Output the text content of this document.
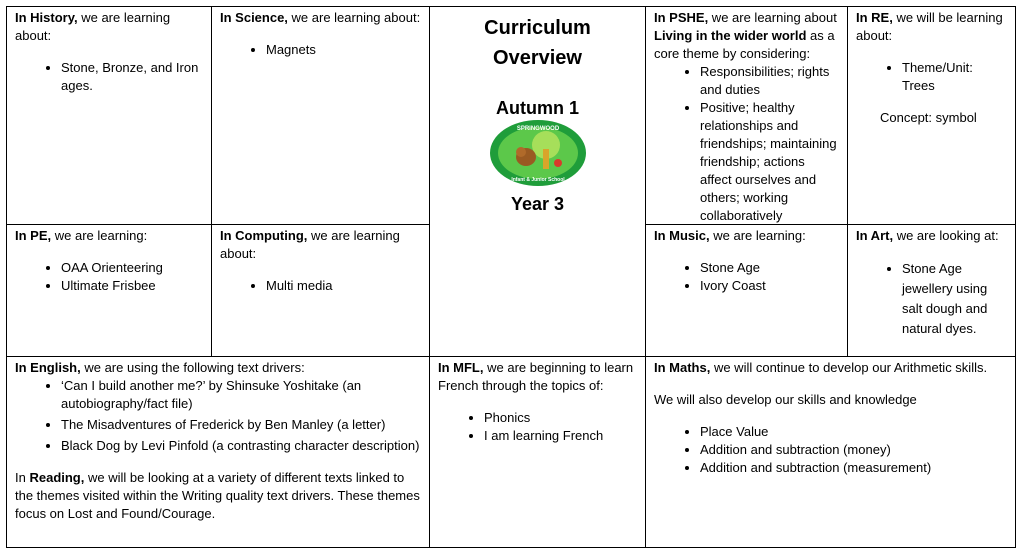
In History, we are learning about:

• Stone, Bronze, and Iron ages.

In Science, we are learning about:

• Magnets
Curriculum
Overview
Autumn 1
SPRINGWOOD
Infant & Junior School
Year 3

In PSHE, we are learning about Living in the wider world as a core theme by considering:

• Responsibilities; rights and duties
• Positive; healthy relationships and friendships; maintaining friendship; actions affect ourselves and others; working collaboratively

In RE, we will be learning about:

• Theme/Unit: Trees

Concept: symbol

In PE, we are learning:

• OAA Orienteering
• Ultimate Frisbee

In Computing, we are learning about:

• Multi media

In Music, we are learning:

• Stone Age
• Ivory Coast

In Art, we are looking at:

• Stone Age jewellery using salt dough and natural dyes.

In English, we are using the following text drivers:

• ‘Can I build another me?’ by Shinsuke Yoshitake (an autobiography/fact file)
• The Misadventures of Frederick by Ben Manley (a letter)
• Black Dog by Levi Pinfold (a contrasting character description)

In Reading, we will be looking at a variety of different texts linked to the themes visited within the Writing quality text drivers. These themes focus on Lost and Found/Courage.

In MFL, we are beginning to learn French through the topics of:

• Phonics
• I am learning French

In Maths, we will continue to develop our Arithmetic skills.

We will also develop our skills and knowledge

• Place Value
• Addition and subtraction (money)
• Addition and subtraction (measurement)
